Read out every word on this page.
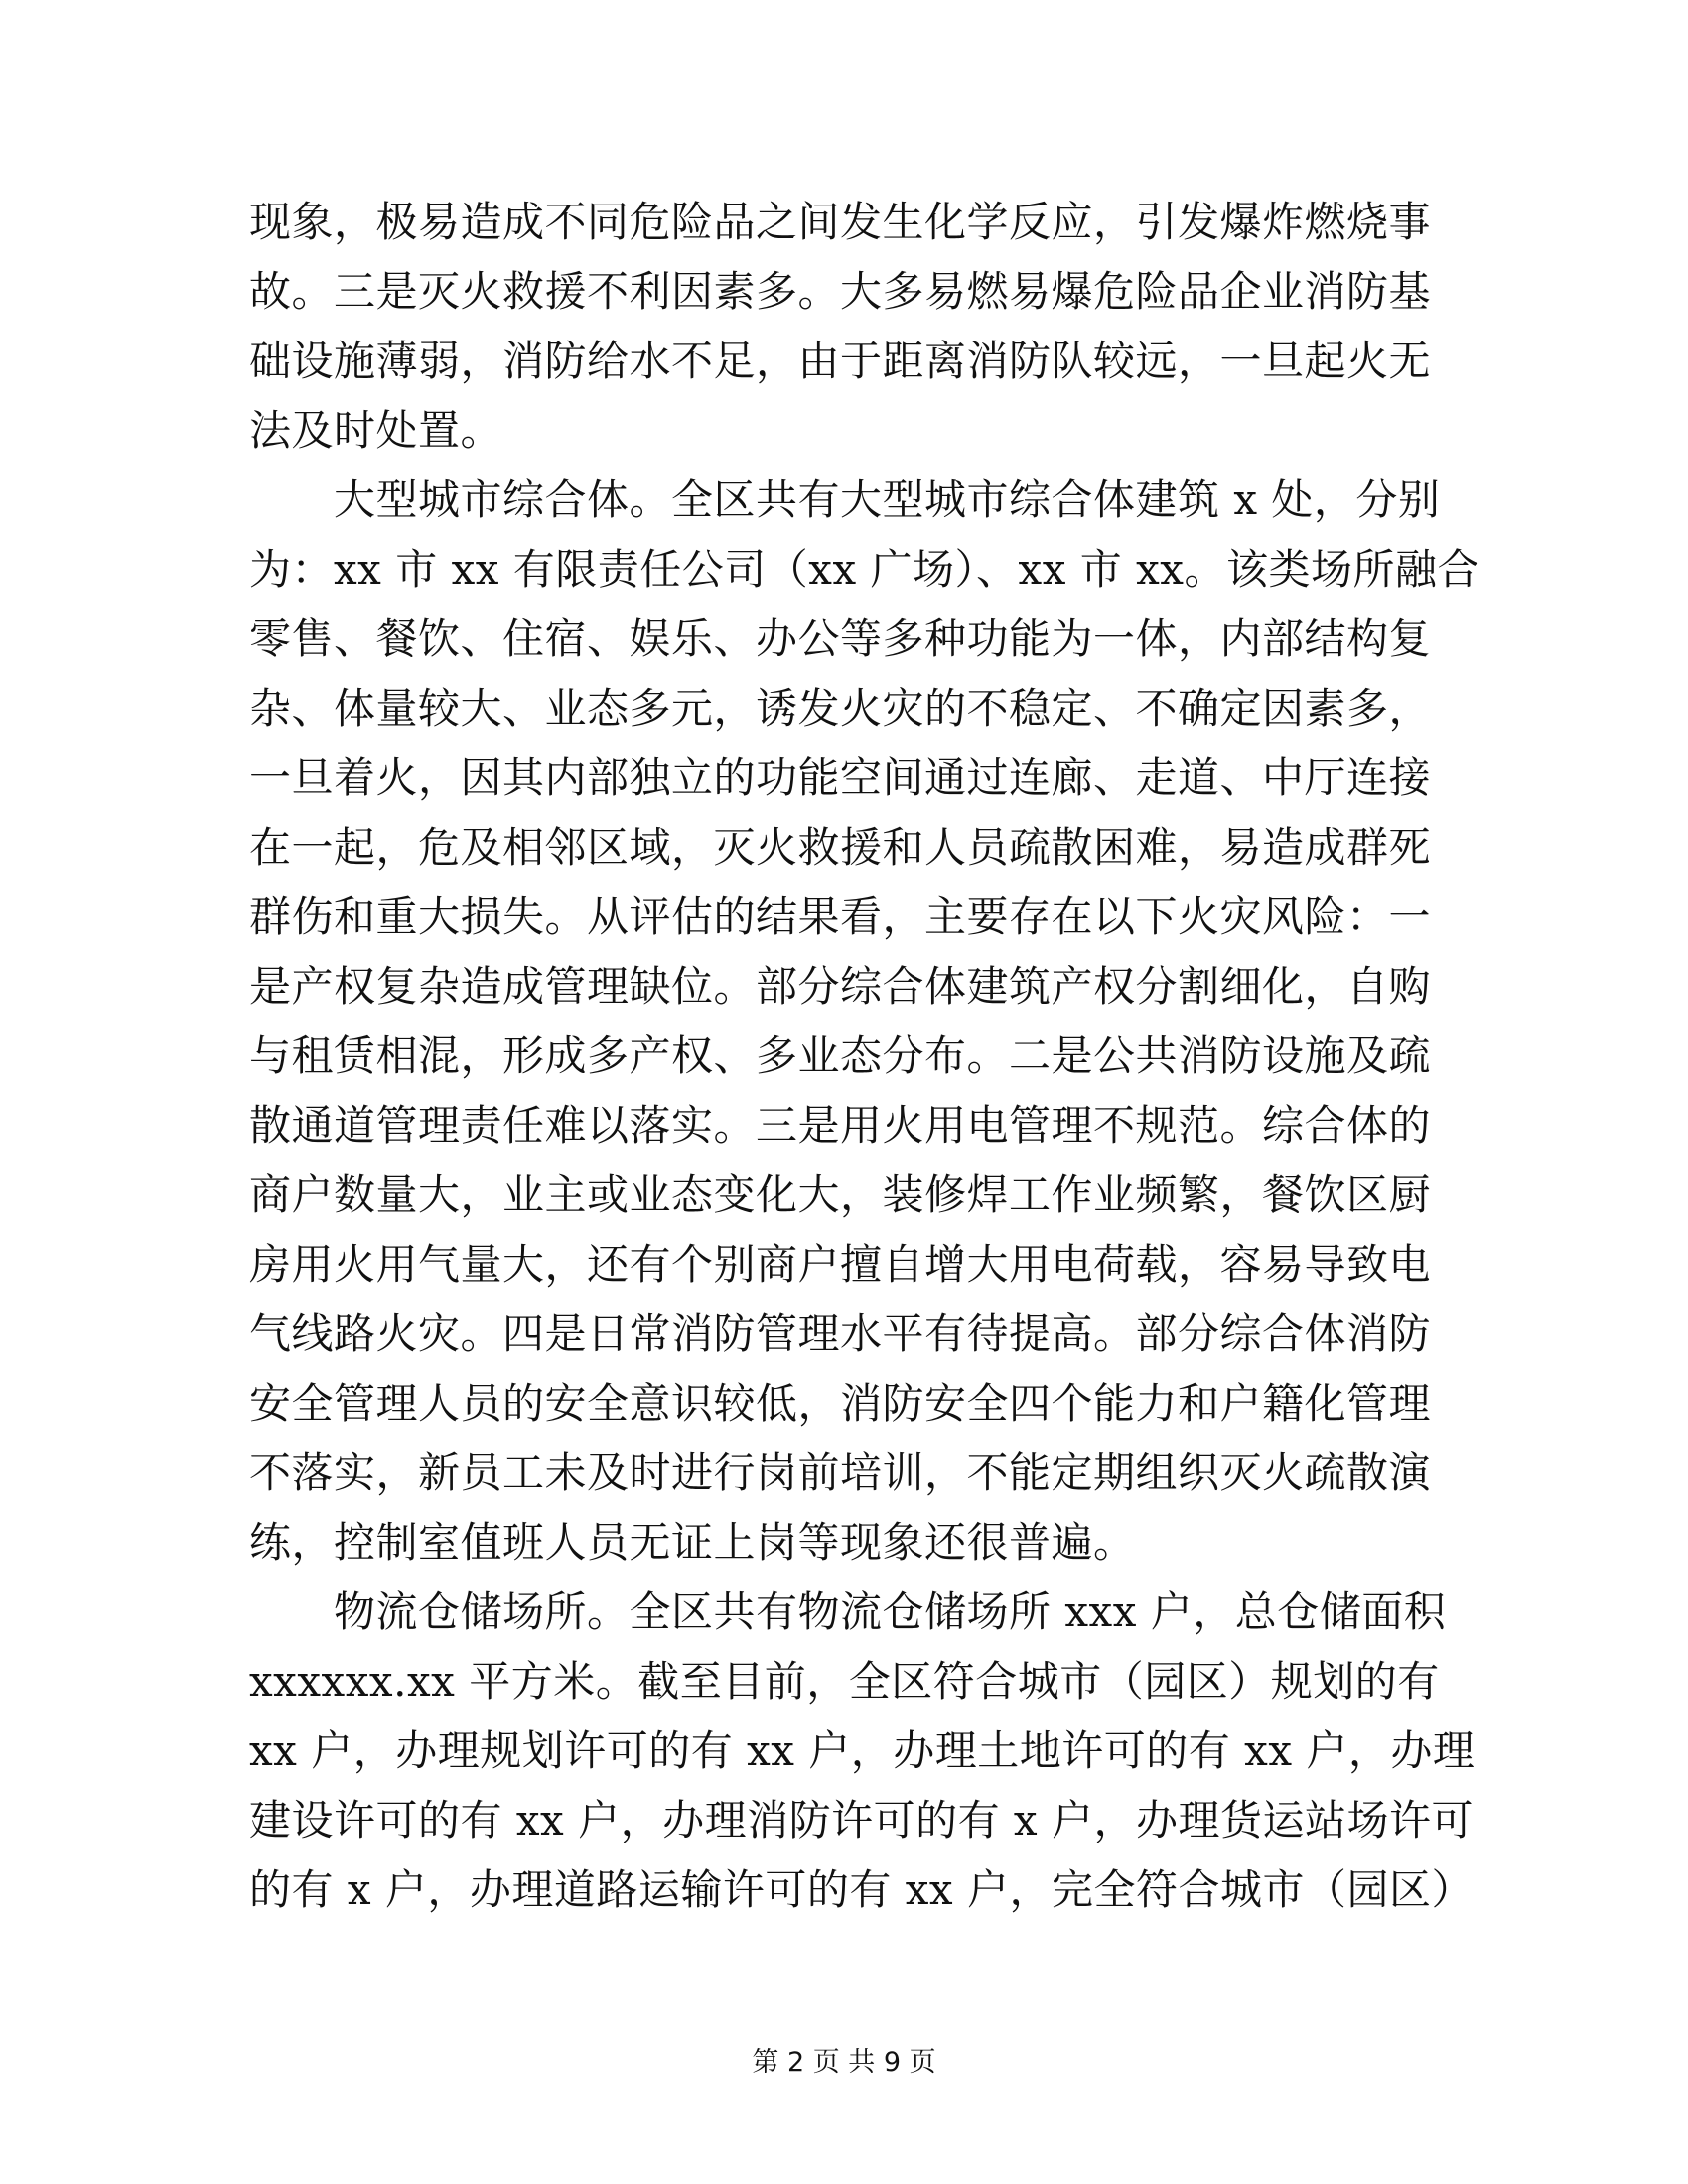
现象，极易造成不同危险品之间发生化学反应，引发爆炸燃烧事
故。三是灭火救援不利因素多。大多易燃易爆危险品企业消防基
础设施薄弱，消防给水不足，由于距离消防队较远，一旦起火无
法及时处置。
　　大型城市综合体。全区共有大型城市综合体建筑 x 处，分别
为：xx 市 xx 有限责任公司（xx 广场）、xx 市 xx。该类场所融合
零售、餐饮、住宿、娱乐、办公等多种功能为一体，内部结构复
杂、体量较大、业态多元，诱发火灾的不稳定、不确定因素多，
一旦着火，因其内部独立的功能空间通过连廊、走道、中厅连接
在一起，危及相邻区域，灭火救援和人员疏散困难，易造成群死
群伤和重大损失。从评估的结果看，主要存在以下火灾风险：一
是产权复杂造成管理缺位。部分综合体建筑产权分割细化，自购
与租赁相混，形成多产权、多业态分布。二是公共消防设施及疏
散通道管理责任难以落实。三是用火用电管理不规范。综合体的
商户数量大，业主或业态变化大，装修焊工作业频繁，餐饮区厨
房用火用气量大，还有个别商户擅自增大用电荷载，容易导致电
气线路火灾。四是日常消防管理水平有待提高。部分综合体消防
安全管理人员的安全意识较低，消防安全四个能力和户籍化管理
不落实，新员工未及时进行岗前培训，不能定期组织灭火疏散演
练，控制室值班人员无证上岗等现象还很普遍。
　　物流仓储场所。全区共有物流仓储场所 xxx 户，总仓储面积
xxxxxx.xx 平方米。截至目前，全区符合城市（园区）规划的有
xx 户，办理规划许可的有 xx 户，办理土地许可的有 xx 户，办理
建设许可的有 xx 户，办理消防许可的有 x 户，办理货运站场许可
的有 x 户，办理道路运输许可的有 xx 户，完全符合城市（园区）
第 2 页 共 9 页
